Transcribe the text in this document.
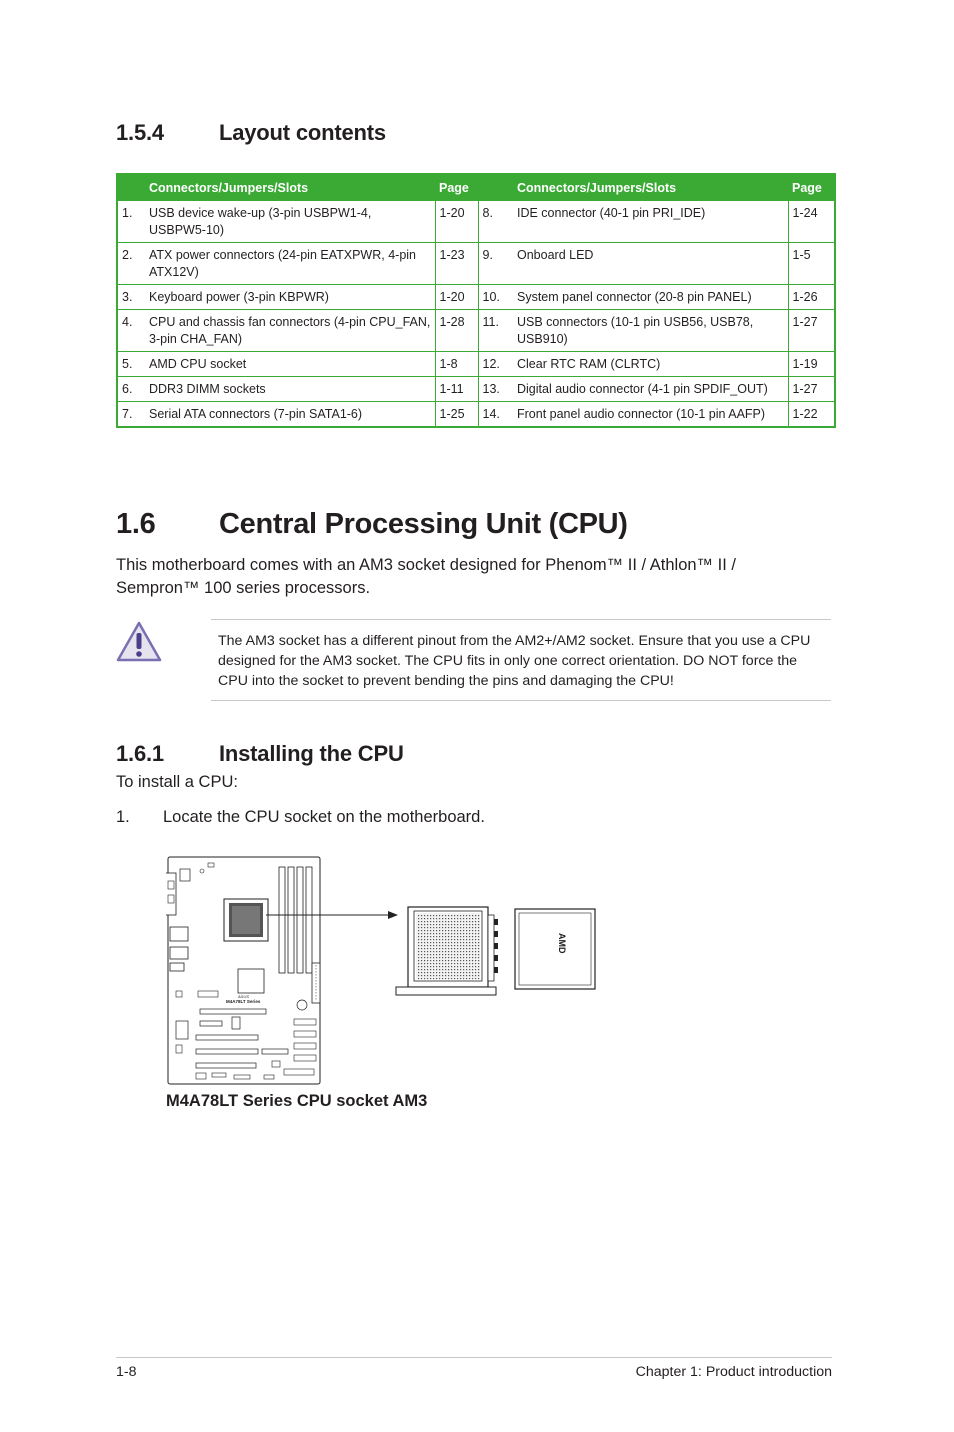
1.5.4	Layout contents
	Connectors/Jumpers/Slots	Page		Connectors/Jumpers/Slots	Page
1.	USB device wake-up (3-pin USBPW1-4, USBPW5-10)	1-20	8.	IDE connector (40-1 pin PRI_IDE)	1-24
2.	ATX power connectors (24-pin EATXPWR, 4-pin ATX12V)	1-23	9.	Onboard LED	1-5
3.	Keyboard power (3-pin KBPWR)	1-20	10.	System panel connector (20-8 pin PANEL)	1-26
4.	CPU and chassis fan connectors (4-pin CPU_FAN, 3-pin CHA_FAN)	1-28	11.	USB connectors (10-1 pin USB56, USB78, USB910)	1-27
5.	AMD CPU socket	1-8	12.	Clear RTC RAM (CLRTC)	1-19
6.	DDR3 DIMM sockets	1-11	13.	Digital audio connector (4-1 pin SPDIF_OUT)	1-27
7.	Serial ATA connectors (7-pin SATA1-6)	1-25	14.	Front panel audio connector (10-1 pin AAFP)	1-22
1.6 Central Processing Unit (CPU)
This motherboard comes with an AM3 socket designed for Phenom™ II / Athlon™ II / Sempron™ 100 series processors.
The AM3 socket has a different pinout from the AM2+/AM2 socket. Ensure that you use a CPU designed for the AM3 socket. The CPU fits in only one correct orientation. DO NOT force the CPU into the socket to prevent bending the pins and damaging the CPU!
1.6.1	Installing the CPU
To install a CPU:
1. Locate the CPU socket on the motherboard.
ASUS
M4A78LT Series
AMD
M4A78LT Series CPU socket AM3
1-8	Chapter 1: Product introduction
